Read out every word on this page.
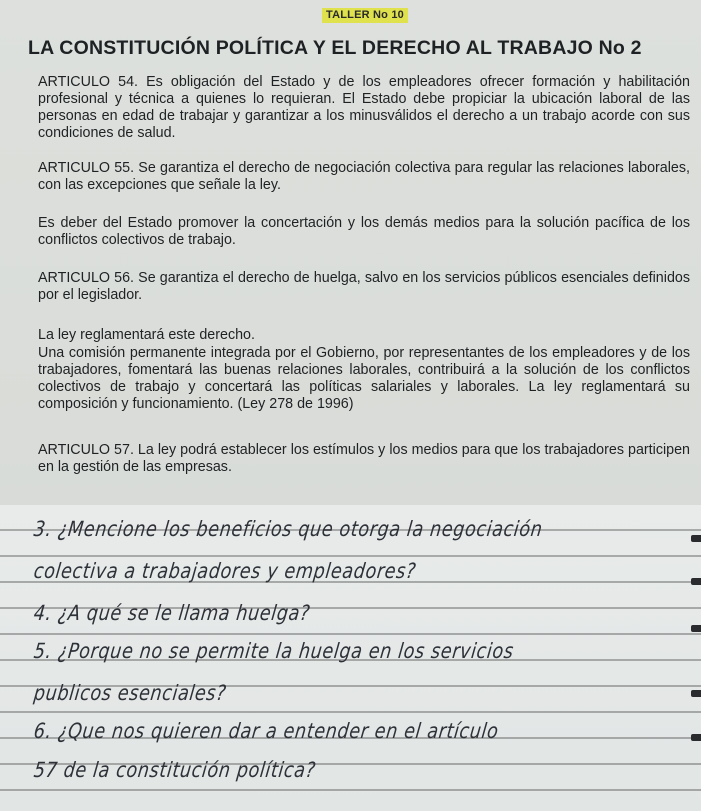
TALLER No 10
LA CONSTITUCIÓN POLÍTICA Y EL DERECHO AL TRABAJO No 2
ARTICULO 54. Es obligación del Estado y de los empleadores ofrecer formación y habilitación profesional y técnica a quienes lo requieran. El Estado debe propiciar la ubicación laboral de las personas en edad de trabajar y garantizar a los minusválidos el derecho a un trabajo acorde con sus condiciones de salud.
ARTICULO 55. Se garantiza el derecho de negociación colectiva para regular las relaciones laborales, con las excepciones que señale la ley.
Es deber del Estado promover la concertación y los demás medios para la solución pacífica de los conflictos colectivos de trabajo.
ARTICULO 56. Se garantiza el derecho de huelga, salvo en los servicios públicos esenciales definidos por el legislador.
La ley reglamentará este derecho.
Una comisión permanente integrada por el Gobierno, por representantes de los empleadores y de los trabajadores, fomentará las buenas relaciones laborales, contribuirá a la solución de los conflictos colectivos de trabajo y concertará las políticas salariales y laborales. La ley reglamentará su composición y funcionamiento. (Ley 278 de 1996)
ARTICULO 57. La ley podrá establecer los estímulos y los medios para que los trabajadores participen en la gestión de las empresas.
3. ¿Mencione los beneficios que otorga la negociación
colectiva a trabajadores y empleadores?
4. ¿A qué se le llama huelga?
5. ¿Porque no se permite la huelga en los servicios
publicos esenciales?
6. ¿Que nos quieren dar a entender en el artículo
57 de la constitución política?
